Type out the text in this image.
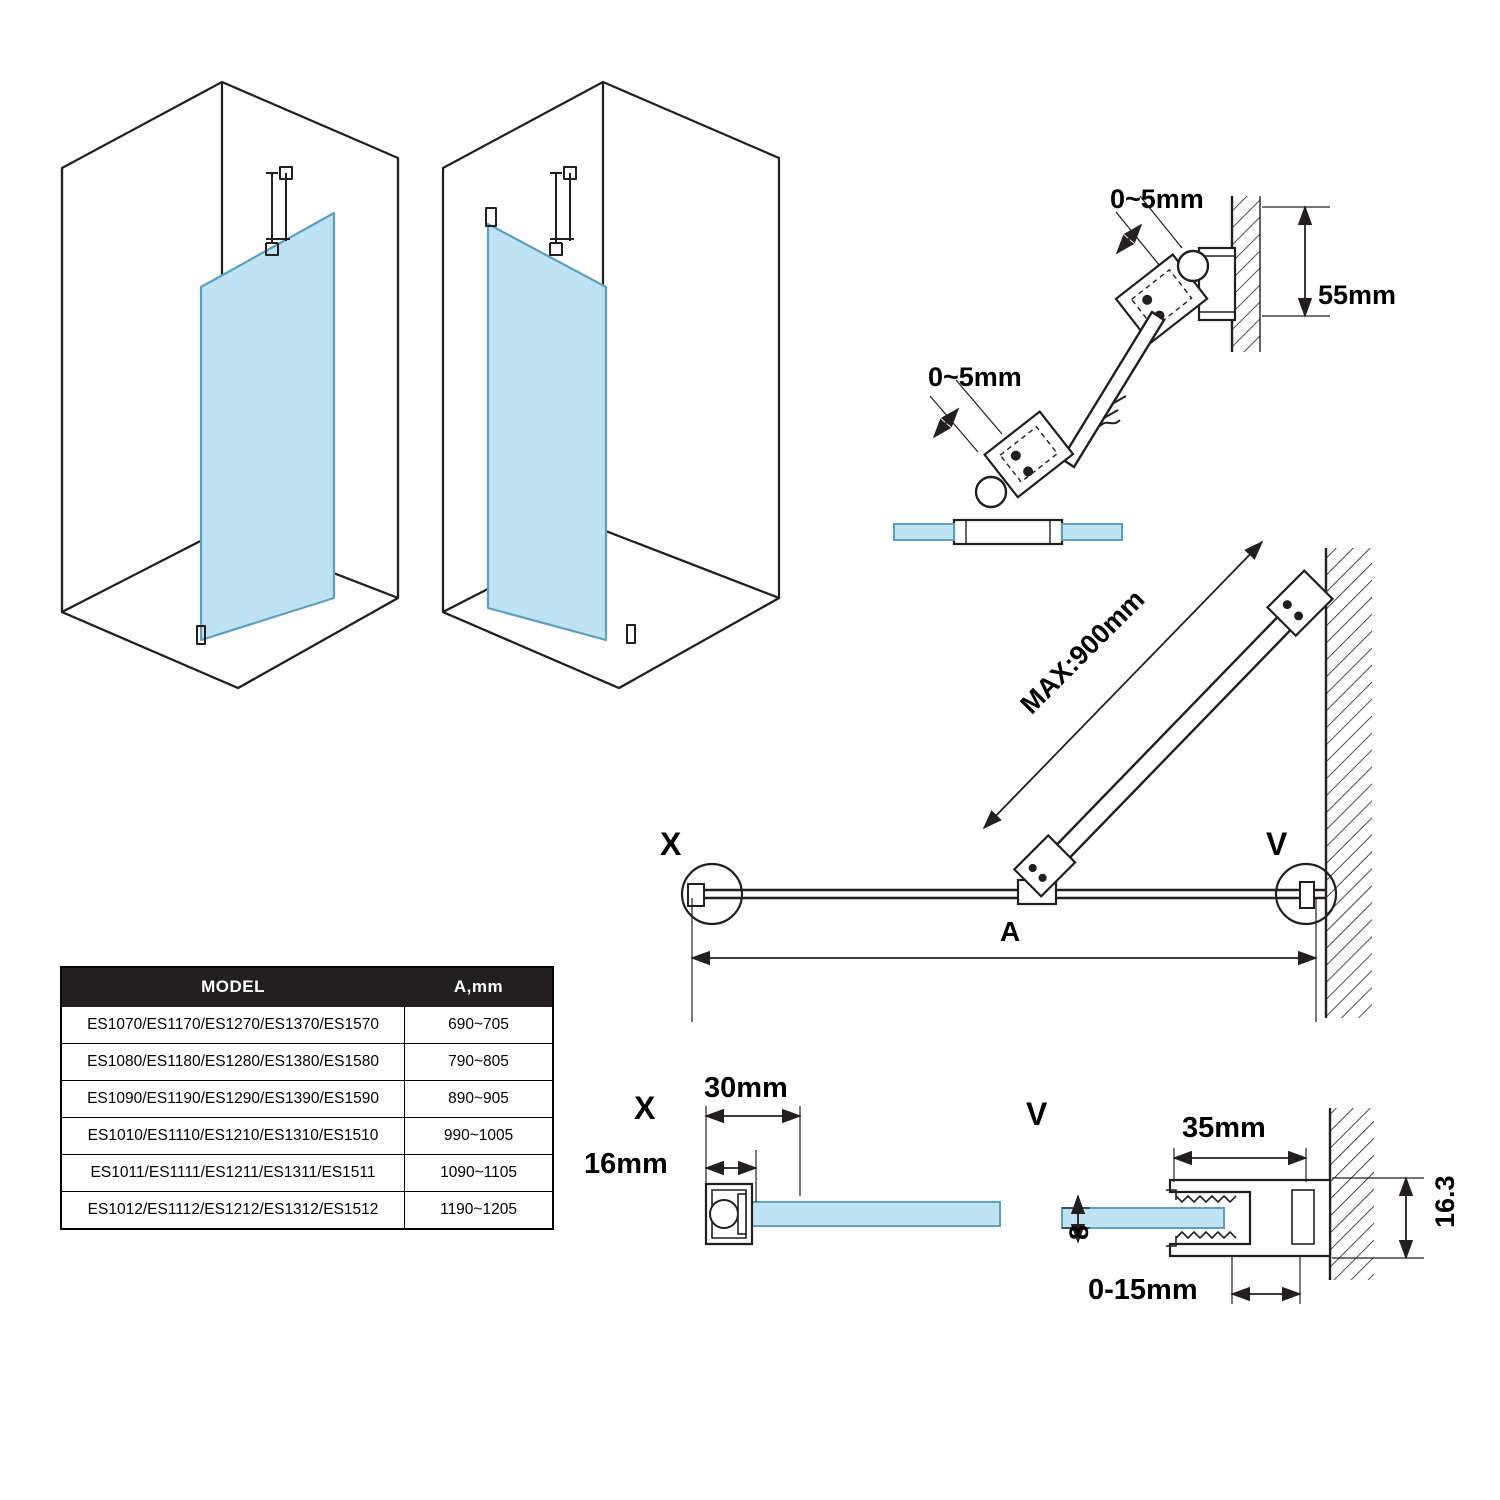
0~5mm
0~5mm
55mm
MAX:900mm
A
X	V
X	V
30mm
16mm
35mm
8
16.3
0-15mm
MODEL	A,mm
ES1070/ES1170/ES1270/ES1370/ES1570	690~705
ES1080/ES1180/ES1280/ES1380/ES1580	790~805
ES1090/ES1190/ES1290/ES1390/ES1590	890~905
ES1010/ES1110/ES1210/ES1310/ES1510	990~1005
ES1011/ES1111/ES1211/ES1311/ES1511	1090~1105
ES1012/ES1112/ES1212/ES1312/ES1512	1190~1205
